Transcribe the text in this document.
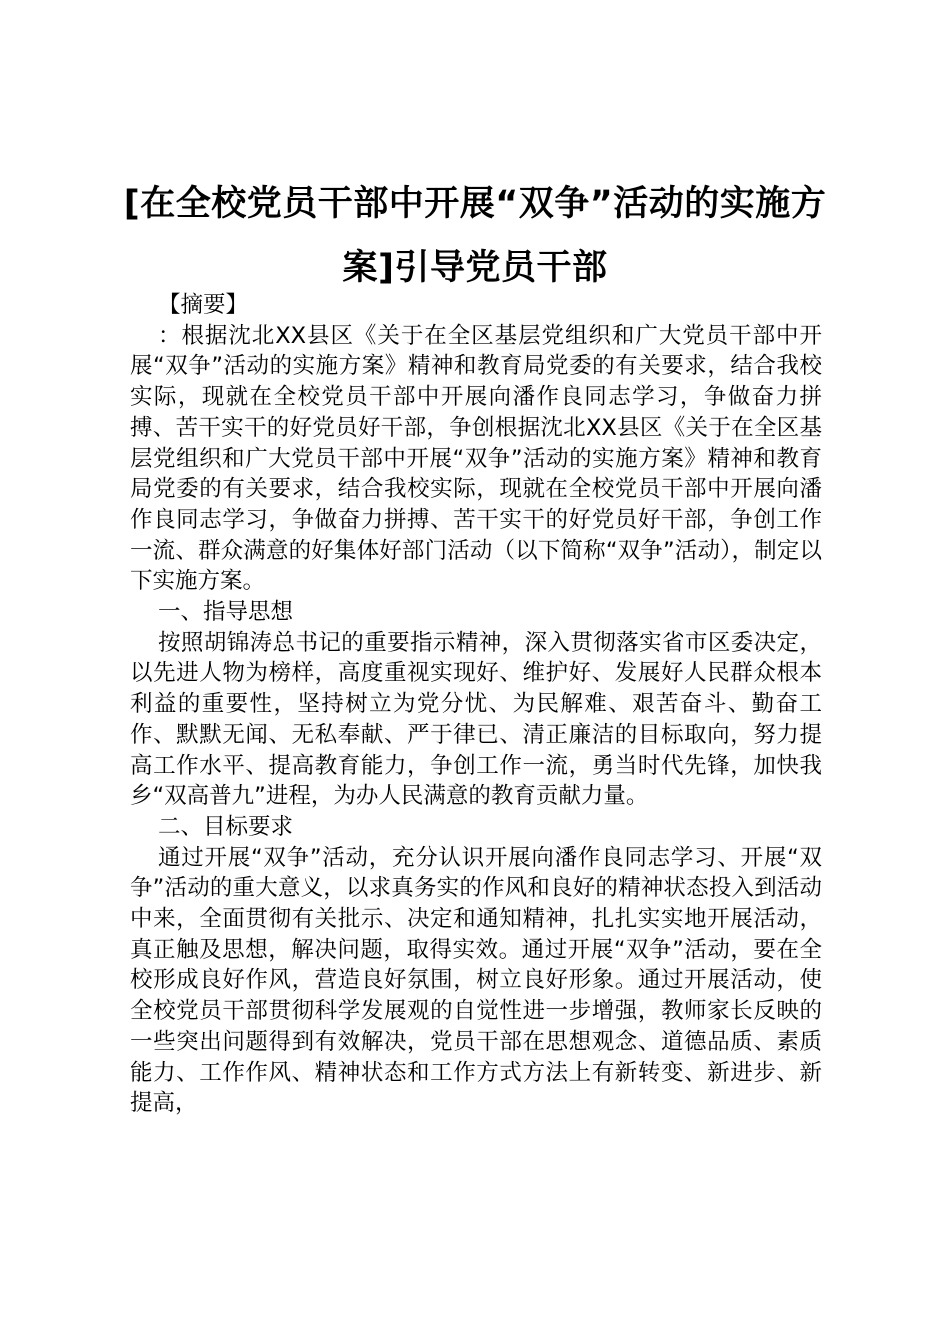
[在全校党员干部中开展“双争”活动的实施方案]引导党员干部

【摘要】

：根据沈北XX县区《关于在全区基层党组织和广大党员干部中开展“双争”活动的实施方案》精神和教育局党委的有关要求，结合我校实际，现就在全校党员干部中开展向潘作良同志学习，争做奋力拼搏、苦干实干的好党员好干部，争创根据沈北XX县区《关于在全区基层党组织和广大党员干部中开展“双争”活动的实施方案》精神和教育局党委的有关要求，结合我校实际，现就在全校党员干部中开展向潘作良同志学习，争做奋力拼搏、苦干实干的好党员好干部，争创工作一流、群众满意的好集体好部门活动（以下简称“双争”活动），制定以下实施方案。

一、指导思想

按照胡锦涛总书记的重要指示精神，深入贯彻落实省市区委决定，以先进人物为榜样，高度重视实现好、维护好、发展好人民群众根本利益的重要性，坚持树立为党分忧、为民解难、艰苦奋斗、勤奋工作、默默无闻、无私奉献、严于律已、清正廉洁的目标取向，努力提高工作水平、提高教育能力，争创工作一流，勇当时代先锋，加快我乡“双高普九”进程，为办人民满意的教育贡献力量。

二、目标要求

通过开展“双争”活动，充分认识开展向潘作良同志学习、开展“双争”活动的重大意义，以求真务实的作风和良好的精神状态投入到活动中来，全面贯彻有关批示、决定和通知精神，扎扎实实地开展活动，真正触及思想，解决问题，取得实效。通过开展“双争”活动，要在全校形成良好作风，营造良好氛围，树立良好形象。通过开展活动，使全校党员干部贯彻科学发展观的自觉性进一步增强，教师家长反映的一些突出问题得到有效解决，党员干部在思想观念、道德品质、素质能力、工作作风、精神状态和工作方式方法上有新转变、新进步、新提高，
